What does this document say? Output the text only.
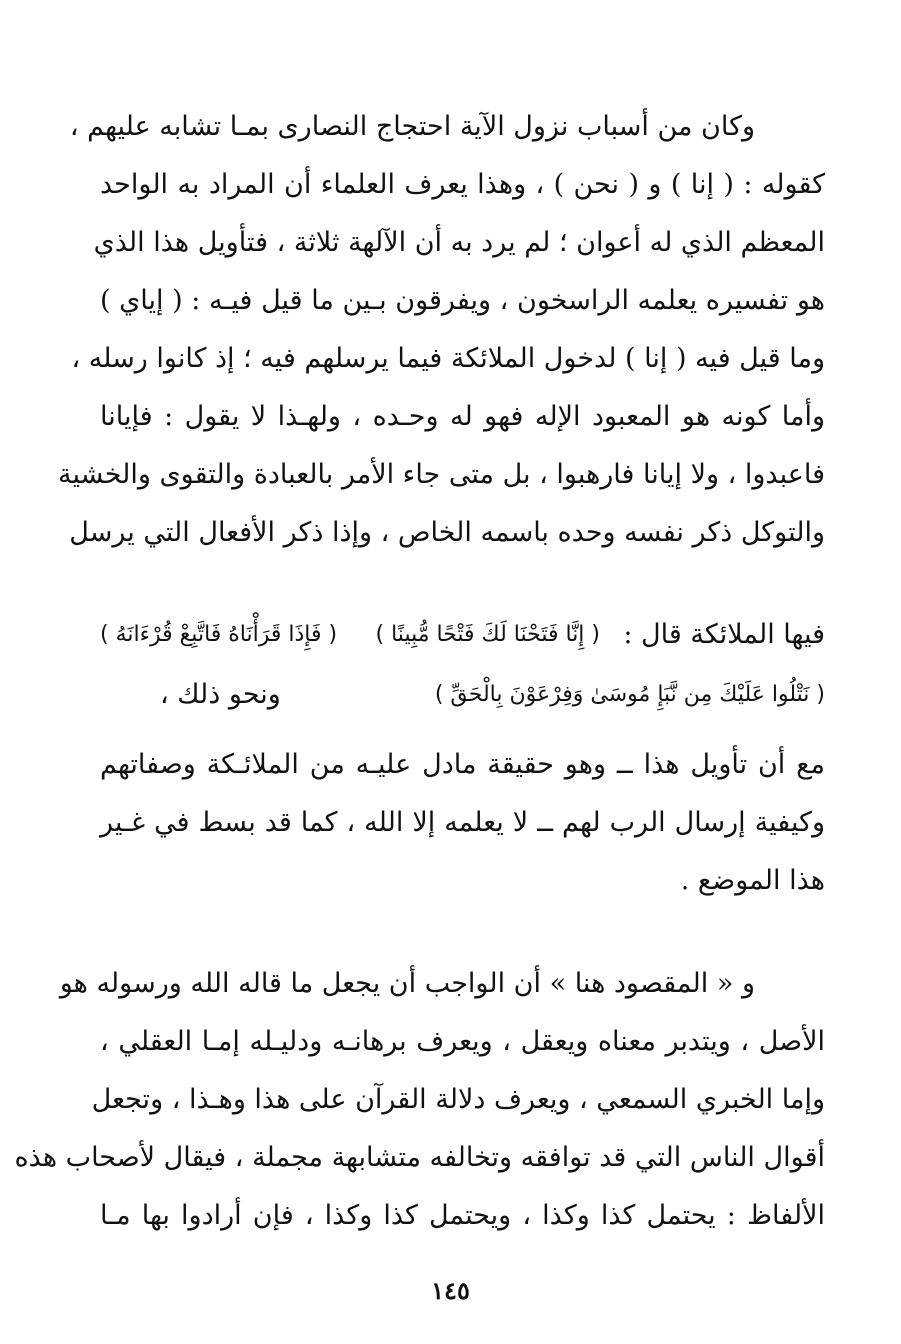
وكان من أسباب نزول الآية احتجاج النصارى بمـا تشابه عليهم ،
كقوله : ( إنا ) و ( نحن ) ، وهذا يعرف العلماء أن المراد به الواحد
المعظم الذي له أعوان ؛ لم يرد به أن الآلهة ثلاثة ، فتأويل هذا الذي
هو تفسيره يعلمه الراسخون ، ويفرقون بـين ما قيل فيـه : ( إياي )
وما قيل فيه ( إنا ) لدخول الملائكة فيما يرسلهم فيه ؛ إذ كانوا رسله ،
وأما كونه هو المعبود الإله فهو له وحـده ، ولهـذا لا يقول : فإيانا
فاعبدوا ، ولا إيانا فارهبوا ، بل متى جاء الأمر بالعبادة والتقوى والخشية
والتوكل ذكر نفسه وحده باسمه الخاص ، وإذا ذكر الأفعال التي يرسل
فيها الملائكة قال :
( إِنَّا فَتَحْنَا لَكَ فَتْحًا مُّبِينًا )
( فَإِذَا قَرَأْنَاهُ فَاتَّبِعْ قُرْءَانَهُ )
( نَتْلُوا عَلَيْكَ مِن نَّبَإِ مُوسَىٰ وَفِرْعَوْنَ بِالْحَقِّ )
ونحو ذلك ،
مع أن تأويل هذا ــ وهو حقيقة مادل عليـه من الملائـكة وصفاتهم
وكيفية إرسال الرب لهم ــ لا يعلمه إلا الله ، كما قد بسط في غـير
هذا الموضع .
و « المقصود هنا » أن الواجب أن يجعل ما قاله الله ورسوله هو
الأصل ، ويتدبر معناه ويعقل ، ويعرف برهانـه ودليـله إمـا العقلي ،
وإما الخبري السمعي ، ويعرف دلالة القرآن على هذا وهـذا ، وتجعل
أقوال الناس التي قد توافقه وتخالفه متشابهة مجملة ، فيقال لأصحاب هذه
الألفاظ : يحتمل كذا وكذا ، ويحتمل كذا وكذا ، فإن أرادوا بها مـا
١٤٥
